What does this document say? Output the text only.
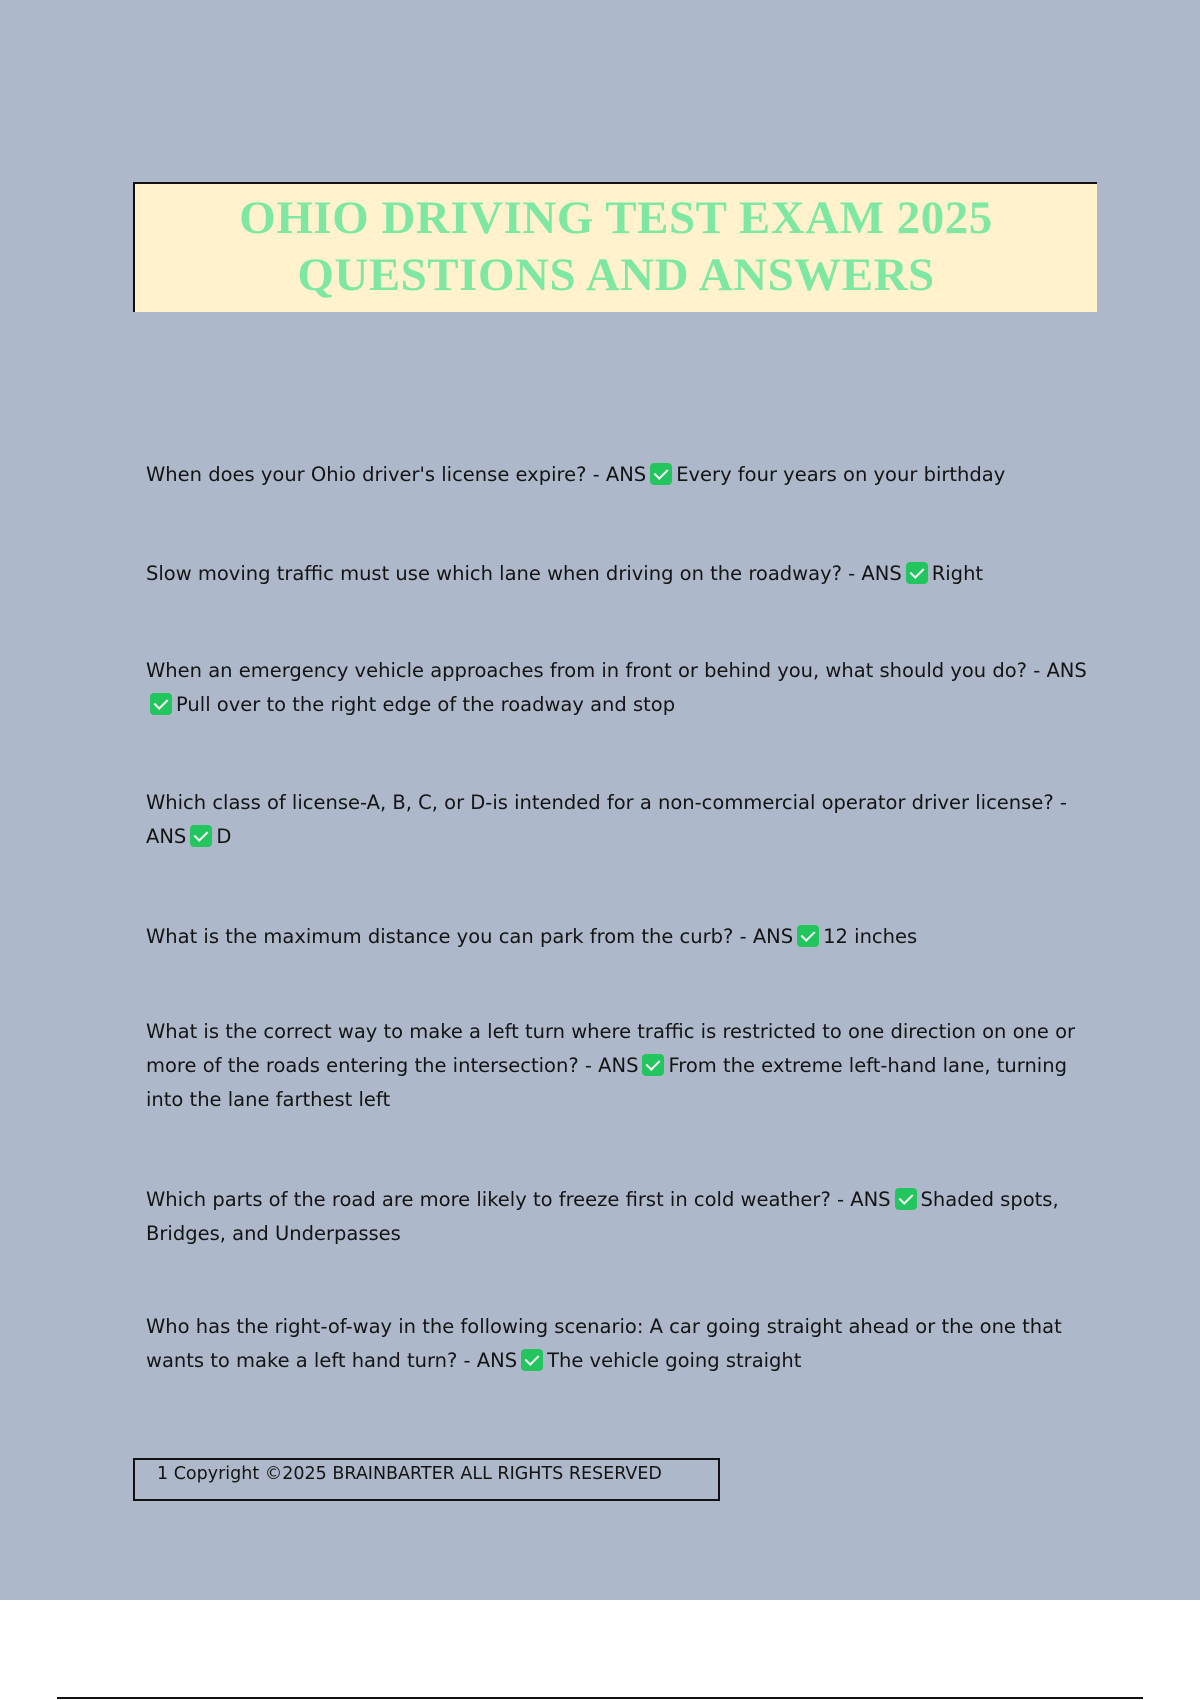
OHIO DRIVING TEST EXAM 2025
QUESTIONS AND ANSWERS
When does your Ohio driver's license expire? - ANS Every four years on your birthday
Slow moving traffic must use which lane when driving on the roadway? - ANS Right
When an emergency vehicle approaches from in front or behind you, what should you do? - ANSPull over to the right edge of the roadway and stop
Which class of license-A, B, C, or D-is intended for a non-commercial operator driver license? - ANS D
What is the maximum distance you can park from the curb? - ANS 12 inches
What is the correct way to make a left turn where traffic is restricted to one direction on one or more of the roads entering the intersection? - ANS From the extreme left-hand lane, turning into the lane farthest left
Which parts of the road are more likely to freeze first in cold weather? - ANS Shaded spots, Bridges, and Underpasses
Who has the right-of-way in the following scenario: A car going straight ahead or the one that wants to make a left hand turn? - ANS The vehicle going straight
1 Copyright ©2025 BRAINBARTER ALL RIGHTS RESERVED
